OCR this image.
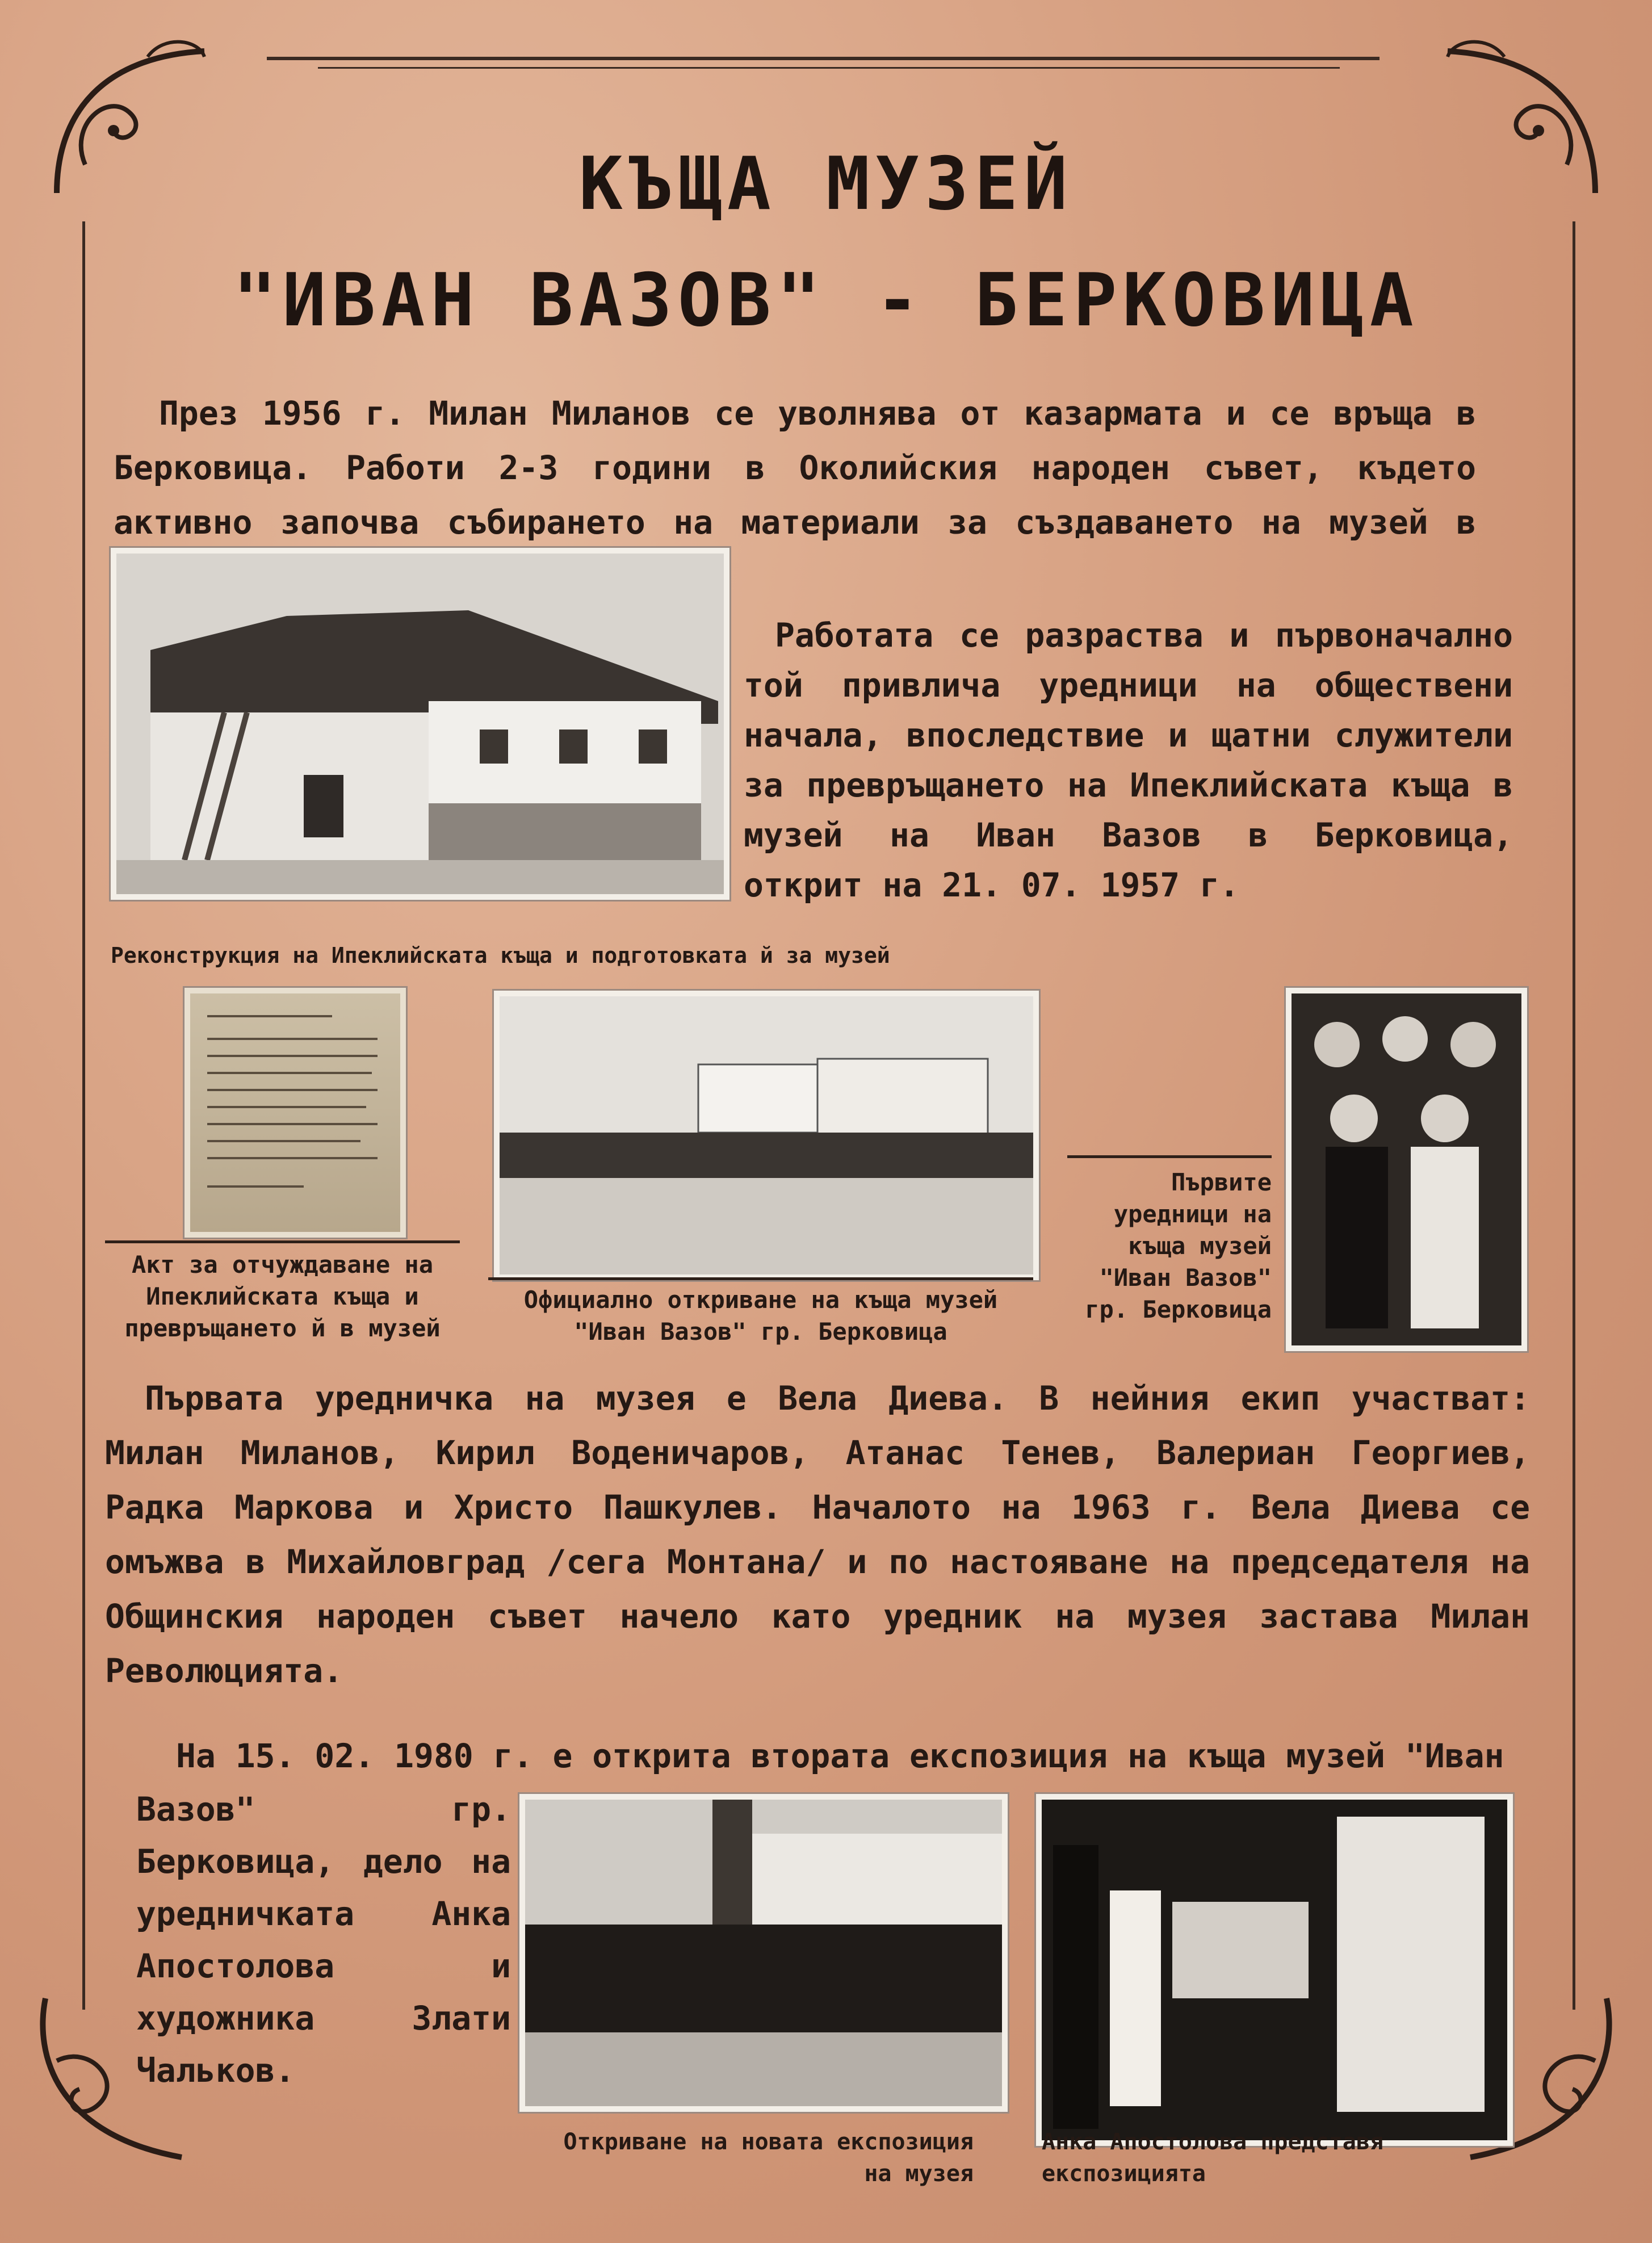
КЪЩА МУЗЕЙ
"ИВАН ВАЗОВ" - БЕРКОВИЦА
През 1956 г. Милан Миланов се уволнява от казармата и се връща в Берковица. Работи 2-3 години в Околийския народен съвет, където активно започва събирането на материали за създаването на музей в
Работата се разраства и първоначално той привлича уредници на обществени начала, впоследствие и щатни служители за превръщането на Ипеклийската къща в музей на Иван Вазов в Берковица, открит на 21. 07. 1957 г.
Реконструкция на Ипеклийската къща и подготовката й за музей
Акт за отчуждаване на Ипеклийската къща и превръщането й в музей
Официално откриване на къща музей "Иван Вазов" гр. Берковица
Първите уредници на къща музей "Иван Вазов" гр. Берковица
Първата уредничка на музея е Вела Диева. В нейния екип участват: Милан Миланов, Кирил Воденичаров, Атанас Тенев, Валериан Георгиев, Радка Маркова и Христо Пашкулев. Началото на 1963 г. Вела Диева се омъжва в Михайловград /сега Монтана/ и по настояване на председателя на Общинския народен съвет начело като уредник на музея застава Милан Революцията.
На 15. 02. 1980 г. е открита втората експозиция на къща музей "Иван
Вазов" гр. Берковица, дело на уредничката Анка Апостолова и художника Злати Чальков.
Откриване на новата експозиция на музея
Анка Апостолова представя експозицията
